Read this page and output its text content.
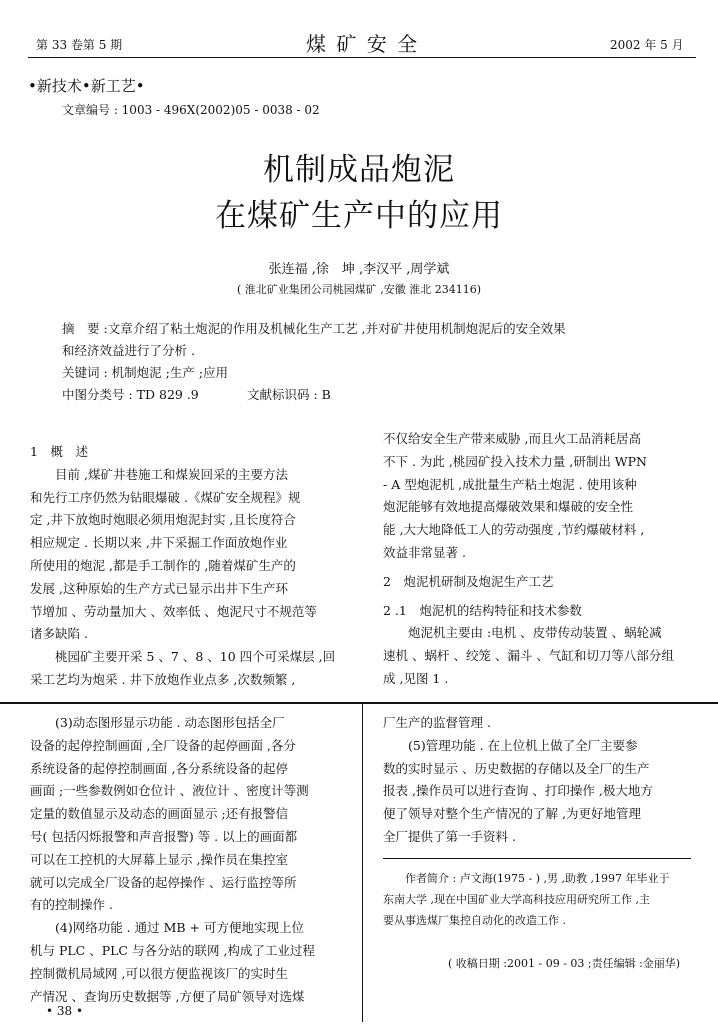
第 33 卷第 5 期	煤 矿 安 全	2002 年 5 月
•新技术•新工艺•
文章编号 : 1003 - 496X(2002)05 - 0038 - 02
机制成品炮泥
在煤矿生产中的应用
张连福 ,徐　坤 ,李汉平 ,周学斌
( 淮北矿业集团公司桃园煤矿 ,安徽 淮北 234116)
摘　要 :文章介绍了粘土炮泥的作用及机械化生产工艺 ,并对矿井使用机制炮泥后的安全效果
和经济效益进行了分析 .
关键词 : 机制炮泥 ;生产 ;应用
中图分类号 : TD 829 .9	文献标识码 : B
1　概　述
目前 ,煤矿井巷施工和煤炭回采的主要方法
和先行工序仍然为钻眼爆破 .《煤矿安全规程》规
定 ,井下放炮时炮眼必须用炮泥封实 ,且长度符合
相应规定 . 长期以来 ,井下采掘工作面放炮作业
所使用的炮泥 ,都是手工制作的 ,随着煤矿生产的
发展 ,这种原始的生产方式已显示出井下生产环
节增加 、劳动量加大 、效率低 、炮泥尺寸不规范等
诸多缺陷 .
桃园矿主要开采 5 、7 、8 、10 四个可采煤层 ,回
采工艺均为炮采 . 井下放炮作业点多 ,次数频繁 ,
不仅给安全生产带来威胁 ,而且火工品消耗居高
不下 . 为此 ,桃园矿投入技术力量 ,研制出 WPN
- A 型炮泥机 ,成批量生产粘土炮泥 . 使用该种
炮泥能够有效地提高爆破效果和爆破的安全性
能 ,大大地降低工人的劳动强度 ,节约爆破材料 ,
效益非常显著 .
2　炮泥机研制及炮泥生产工艺
2 .1　炮泥机的结构特征和技术参数
炮泥机主要由 :电机 、皮带传动装置 、蜗轮减
速机 、蜗杆 、绞笼 、漏斗 、气缸和切刀等八部分组
成 ,见图 1 .
(3)动态图形显示功能 . 动态图形包括全厂
设备的起停控制画面 ,全厂设备的起停画面 ,各分
系统设备的起停控制画面 ,各分系统设备的起停
画面 ;一些参数例如仓位计 、液位计 、密度计等测
定量的数值显示及动态的画面显示 ;还有报警信
号( 包括闪烁报警和声音报警) 等 . 以上的画面都
可以在工控机的大屏幕上显示 ,操作员在集控室
就可以完成全厂设备的起停操作 、运行监控等所
有的控制操作 .
(4)网络功能 . 通过 MB + 可方便地实现上位
机与 PLC 、PLC 与各分站的联网 ,构成了工业过程
控制微机局域网 ,可以很方便监视该厂的实时生
产情况 、查询历史数据等 ,方便了局矿领导对选煤
厂生产的监督管理 .
(5)管理功能 . 在上位机上做了全厂主要参
数的实时显示 、历史数据的存储以及全厂的生产
报表 ,操作员可以进行查询 、打印操作 ,极大地方
便了领导对整个生产情况的了解 ,为更好地管理
全厂提供了第一手资料 .
作者简介 : 卢文海(1975 - ) ,男 ,助教 ,1997 年毕业于
东南大学 ,现在中国矿业大学高科技应用研究所工作 ,主
要从事选煤厂集控自动化的改造工作 .
( 收稿日期 :2001 - 09 - 03 ;责任编辑 :金丽华)
• 38 •
